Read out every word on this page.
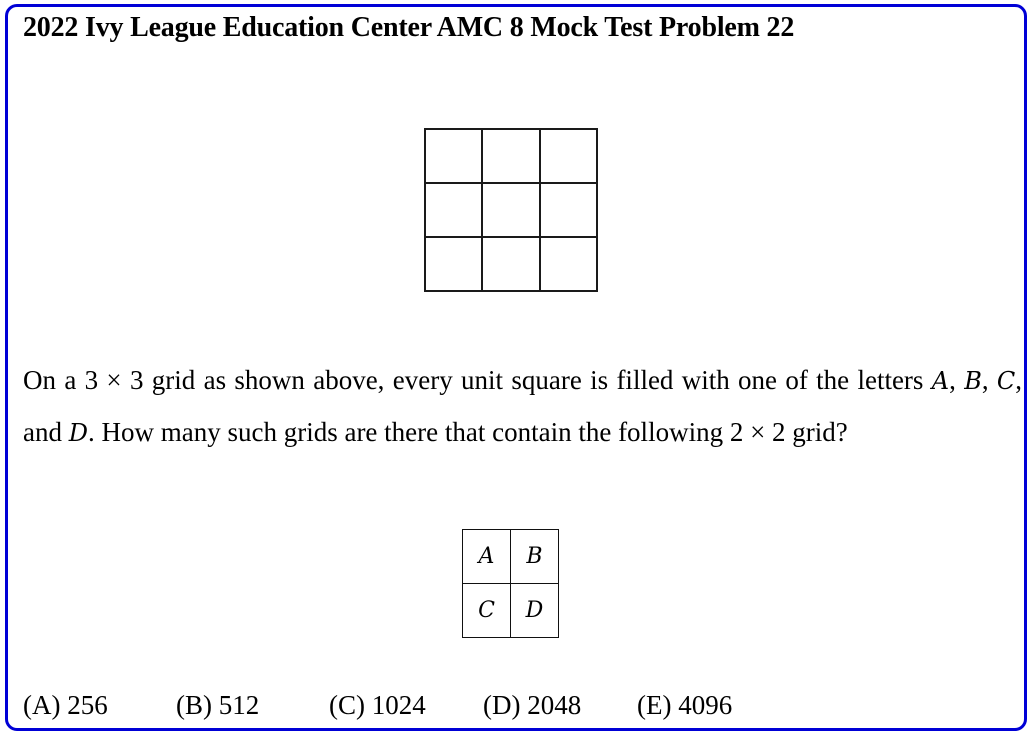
2022 Ivy League Education Center AMC 8 Mock Test Problem 22

On a 3 × 3 grid as shown above, every unit square is filled with one of the letters A, B, C, and D. How many such grids are there that contain the following 2 × 2 grid?
A	B
C	D
(A) 256	(B) 512	(C) 1024	(D) 2048	(E) 4096
